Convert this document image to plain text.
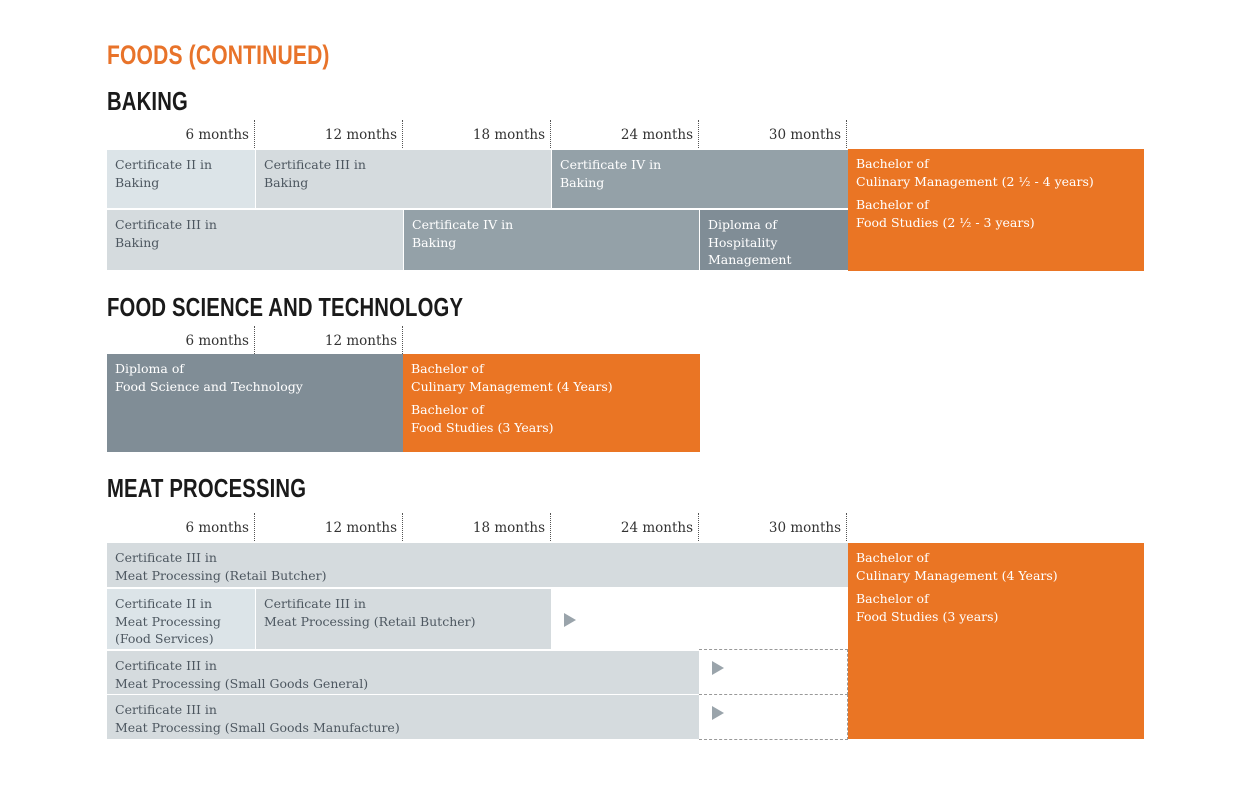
FOODS (CONTINUED)
BAKING
6 months	12 months	18 months	24 months	30 months
Certificate II in
Baking
Certificate III in
Baking
Certificate IV in
Baking
Certificate III in
Baking
Certificate IV in
Baking
Diploma of
Hospitality
Management
Bachelor of
Culinary Management (2 ½ - 4 years)
Bachelor of
Food Studies (2 ½ - 3 years)
FOOD SCIENCE AND TECHNOLOGY
6 months	12 months
Diploma of
Food Science and Technology
Bachelor of
Culinary Management (4 Years)
Bachelor of
Food Studies (3 Years)
MEAT PROCESSING
6 months	12 months	18 months	24 months	30 months
Certificate III in
Meat Processing (Retail Butcher)
Certificate II in
Meat Processing
(Food Services)
Certificate III in
Meat Processing (Retail Butcher)
Certificate III in
Meat Processing (Small Goods General)
Certificate III in
Meat Processing (Small Goods Manufacture)
Bachelor of
Culinary Management (4 Years)
Bachelor of
Food Studies (3 years)
